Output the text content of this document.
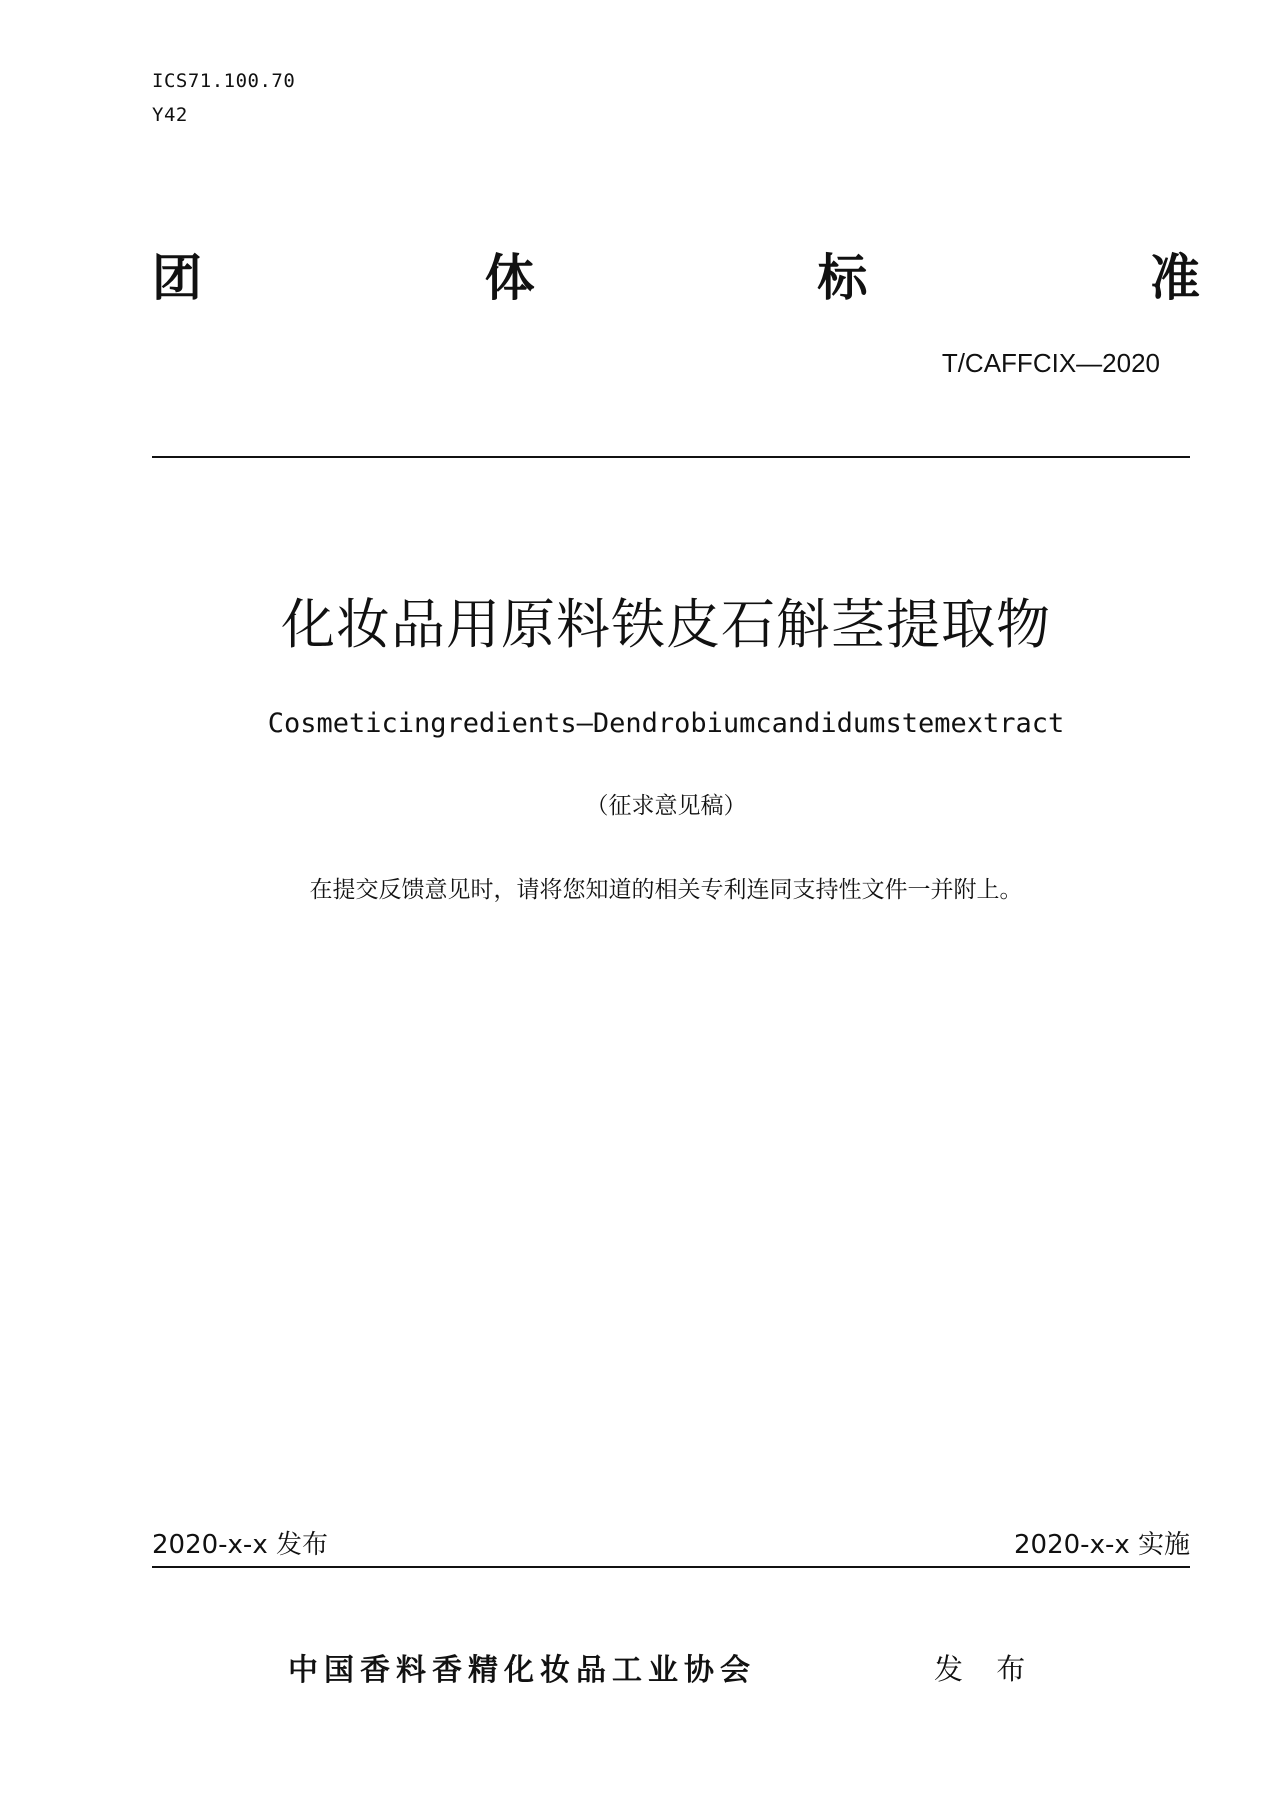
ICS71.100.70
Y42
团	体	标	准
T/CAFFCIX—2020
化妆品用原料铁皮石斛茎提取物
Cosmeticingredients—Dendrobiumcandidumstemextract
（征求意见稿）
在提交反馈意见时，请将您知道的相关专利连同支持性文件一并附上。
2020-x-x 发布	2020-x-x 实施
中国香料香精化妆品工业协会	发 布
